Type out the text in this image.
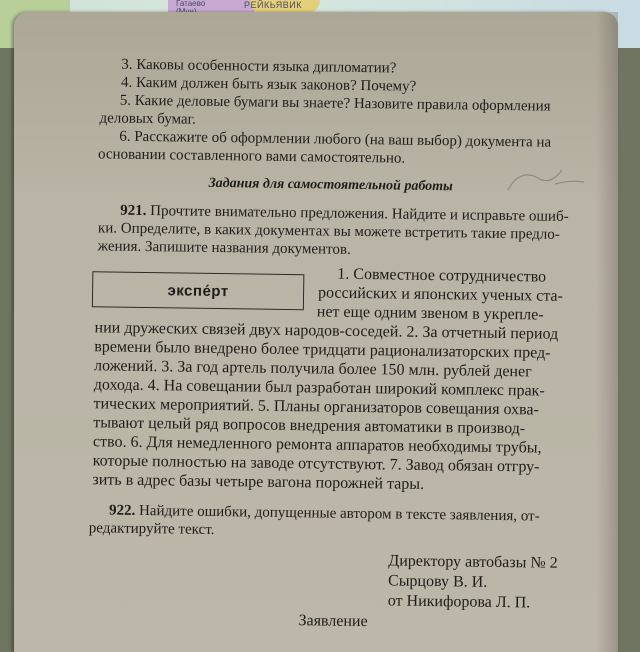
Гатаево	РЕЙКЬЯВИК
3. Каковы особенности языка дипломатии?
4. Каким должен быть язык законов? Почему?
5. Какие деловые бумаги вы знаете? Назовите правила оформления
деловых бумаг.
6. Расскажите об оформлении любого (на ваш выбор) документа на
основании составленного вами самостоятельно.
Задания для самостоятельной работы
921. Прочтите внимательно предложения. Найдите и исправьте ошиб-
ки. Определите, в каких документах вы можете встретить такие предло-
жения. Запишите названия документов.
экспе́рт
1. Совместное сотрудничество
российских и японских ученых ста-
нет еще одним звеном в укрепле-
нии дружеских связей двух народов-соседей. 2. За отчетный период
времени было внедрено более тридцати рационализаторских пред-
ложений. 3. За год артель получила более 150 млн. рублей денег
дохода. 4. На совещании был разработан широкий комплекс прак-
тических мероприятий. 5. Планы организаторов совещания охва-
тывают целый ряд вопросов внедрения автоматики в производ-
ство. 6. Для немедленного ремонта аппаратов необходимы трубы,
которые полностью на заводе отсутствуют. 7. Завод обязан отгру-
зить в адрес базы четыре вагона порожней тары.
922. Найдите ошибки, допущенные автором в тексте заявления, от-
редактируйте текст.
Директору автобазы № 2
Сырцову В. И.
от Никифорова Л. П.
Заявление
